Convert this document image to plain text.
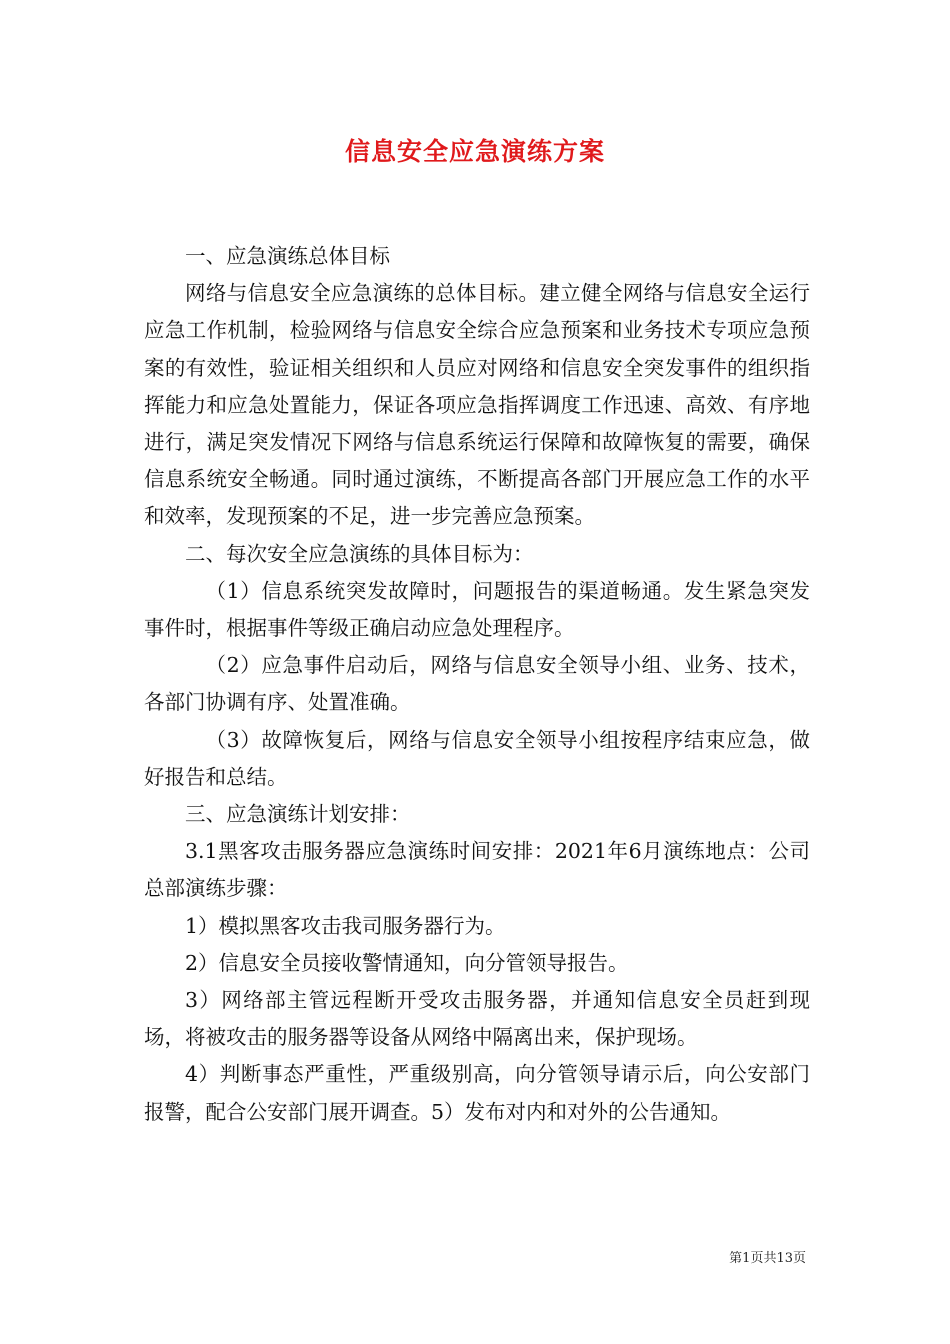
信息安全应急演练方案

一、应急演练总体目标

网络与信息安全应急演练的总体目标。建立健全网络与信息安全运行应急工作机制，检验网络与信息安全综合应急预案和业务技术专项应急预案的有效性，验证相关组织和人员应对网络和信息安全突发事件的组织指挥能力和应急处置能力，保证各项应急指挥调度工作迅速、高效、有序地进行，满足突发情况下网络与信息系统运行保障和故障恢复的需要，确保信息系统安全畅通。同时通过演练，不断提高各部门开展应急工作的水平和效率，发现预案的不足，进一步完善应急预案。

二、每次安全应急演练的具体目标为：

（1）信息系统突发故障时，问题报告的渠道畅通。发生紧急突发事件时，根据事件等级正确启动应急处理程序。

（2）应急事件启动后，网络与信息安全领导小组、业务、技术，各部门协调有序、处置准确。

（3）故障恢复后，网络与信息安全领导小组按程序结束应急，做好报告和总结。

三、应急演练计划安排：

3.1黑客攻击服务器应急演练时间安排：2021年6月演练地点：公司总部演练步骤：

1）模拟黑客攻击我司服务器行为。

2）信息安全员接收警情通知，向分管领导报告。

3）网络部主管远程断开受攻击服务器，并通知信息安全员赶到现场，将被攻击的服务器等设备从网络中隔离出来，保护现场。

4）判断事态严重性，严重级别高，向分管领导请示后，向公安部门报警，配合公安部门展开调查。5）发布对内和对外的公告通知。

第1页共13页
